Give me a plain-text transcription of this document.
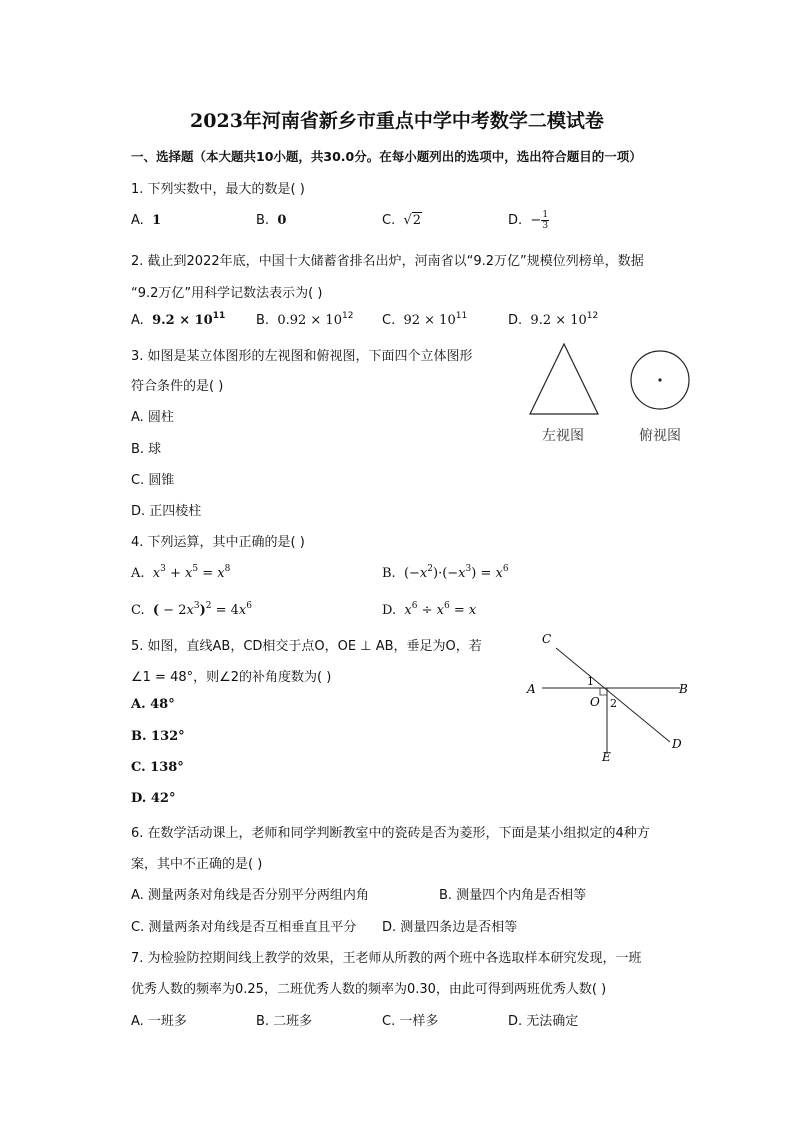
2023年河南省新乡市重点中学中考数学二模试卷
一、选择题（本大题共10小题，共30.0分。在每小题列出的选项中，选出符合题目的一项）
1. 下列实数中，最大的数是( )
A. 1	B. 0	C. √2	D. − $\frac{1}{3}$
2. 截止到2022年底，中国十大储蓄省排名出炉，河南省以“9.2万亿”规模位列榜单，数据
“9.2万亿”用科学记数法表示为( )
A. $9.2 \times 10^{11}$ B. $0.92 \times 10^{12}$ C. $92 \times 10^{11}$	D. $9.2 \times 10^{12}$
3. 如图是某立体图形的左视图和俯视图，下面四个立体图形
符合条件的是( )
A. 圆柱
B. 球
C. 圆锥
D. 正四棱柱
左视图	俯视图
4. 下列运算，其中正确的是( )
A. $x^3 + x^5 = x^8$	B.  $(-x^2)\cdot(-x^3) = x^6$
C. ( − $2x^3)^2 = 4x^6$	D. $x^6 \div x^6 = x$
5. 如图，直线AB，CD相交于点O，OE ⊥ AB，垂足为O，若
∠1 = 48°，则∠2的补角度数为( )
A. 48°
B. 132°
C. 138°
D. 42°
C
A	B
O
D
E
1
2
6. 在数学活动课上，老师和同学判断教室中的瓷砖是否为菱形，下面是某小组拟定的4种方
案，其中不正确的是( )
A. 测量两条对角线是否分别平分两组内角	B. 测量四个内角是否相等
C. 测量两条对角线是否互相垂直且平分 D. 测量四条边是否相等
7. 为检验防控期间线上教学的效果，王老师从所教的两个班中各选取样本研究发现，一班
优秀人数的频率为0.25，二班优秀人数的频率为0.30，由此可得到两班优秀人数( )
A. 一班多	B. 二班多	C. 一样多	D. 无法确定
